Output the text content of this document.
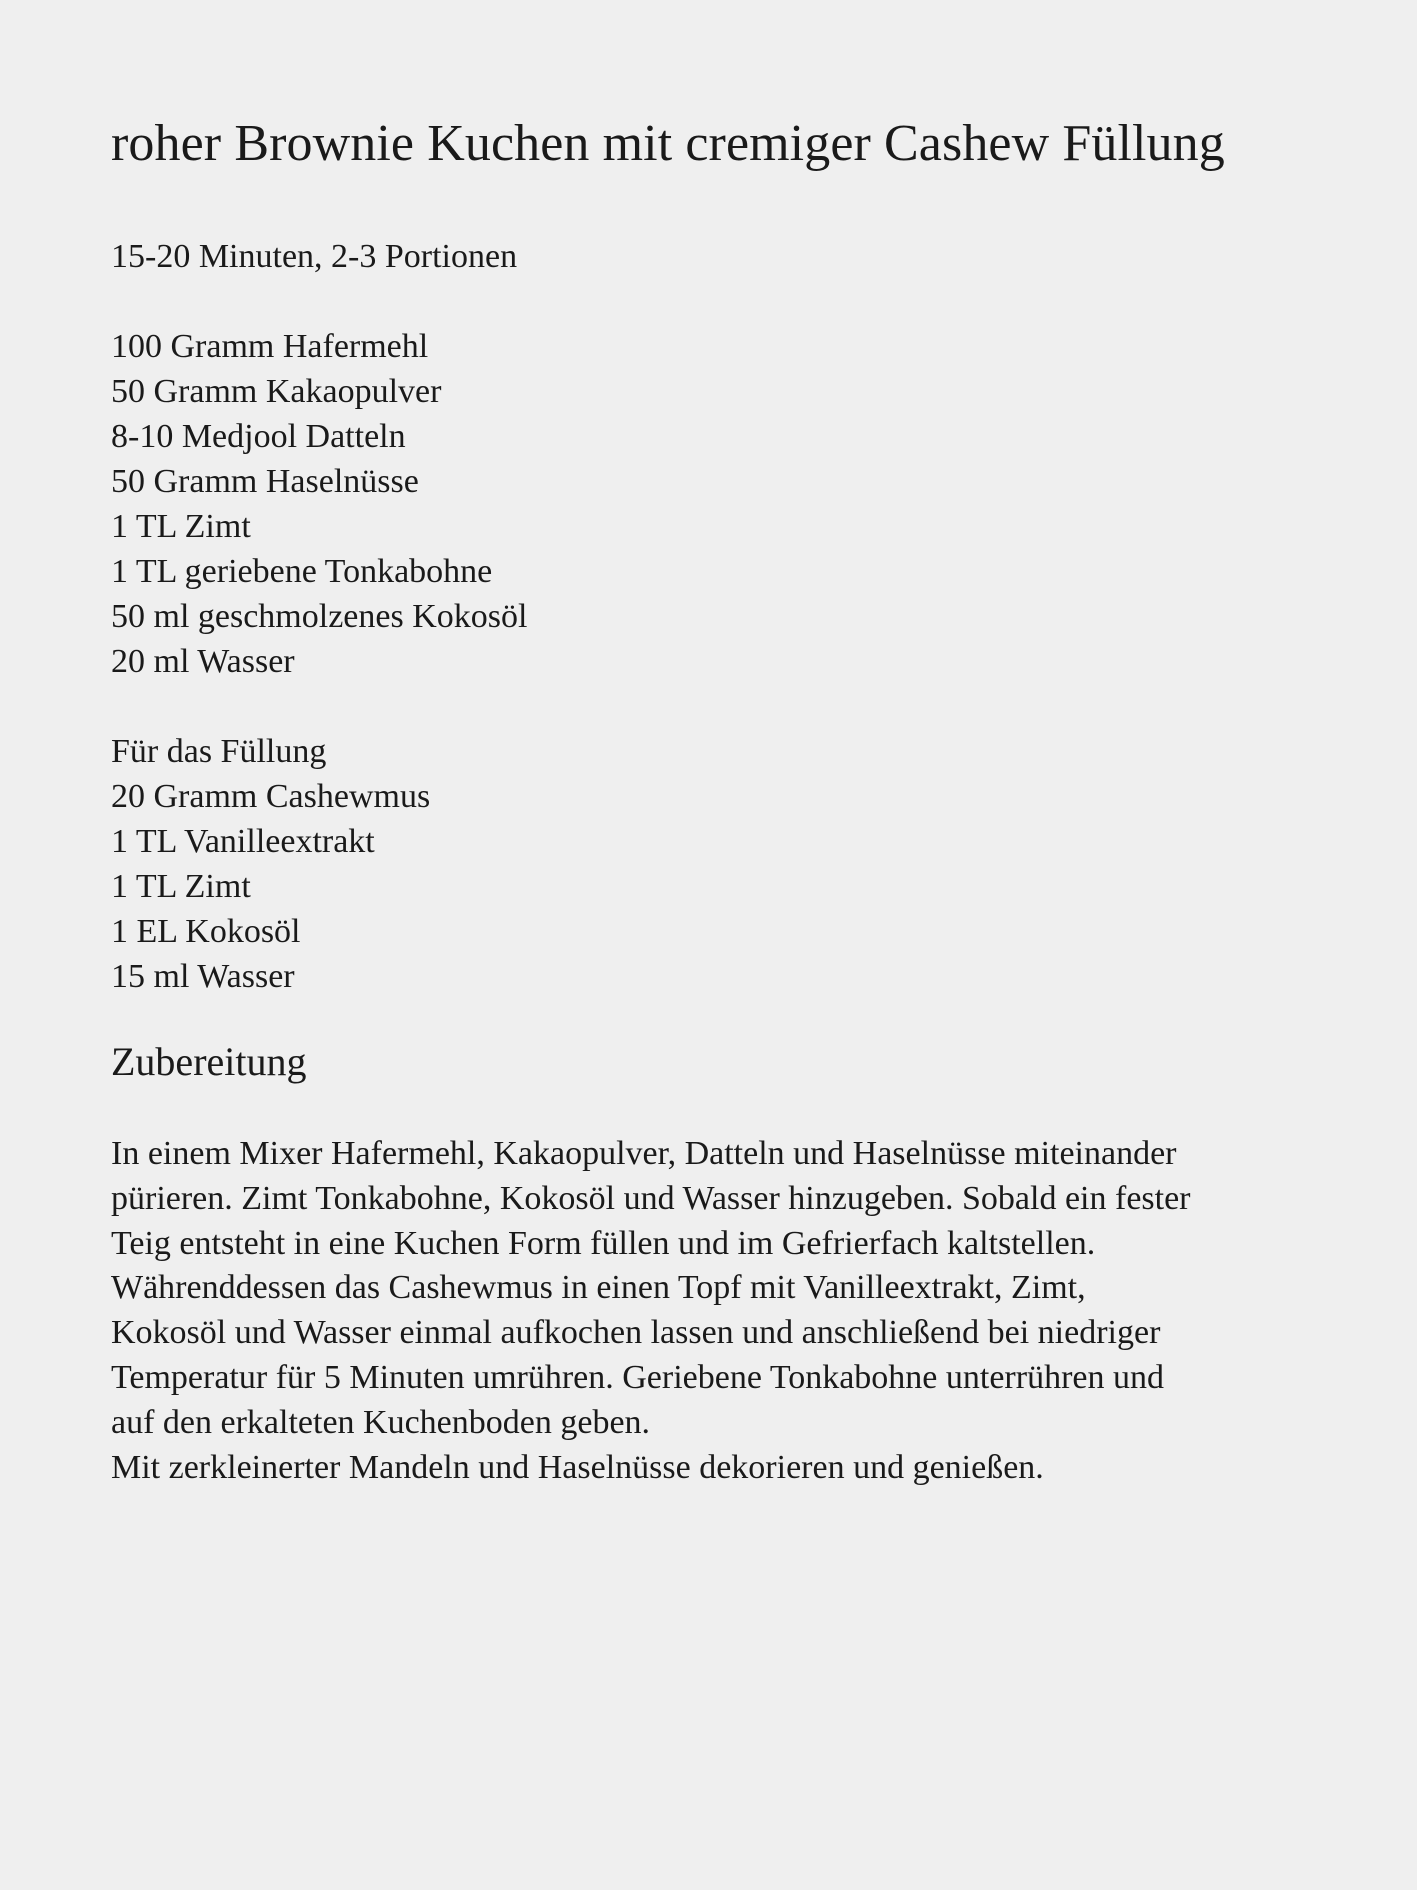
roher Brownie Kuchen mit cremiger Cashew Füllung
15-20 Minuten, 2-3 Portionen
100 Gramm Hafermehl
50 Gramm Kakaopulver
8-10 Medjool Datteln
50 Gramm Haselnüsse
1 TL Zimt
1 TL geriebene Tonkabohne
50 ml geschmolzenes Kokosöl
20 ml Wasser
Für das Füllung
20 Gramm Cashewmus
1 TL Vanilleextrakt
1 TL Zimt
1 EL Kokosöl
15 ml Wasser
Zubereitung

In einem Mixer Hafermehl, Kakaopulver, Datteln und Haselnüsse miteinander

pürieren. Zimt Tonkabohne, Kokosöl und Wasser hinzugeben. Sobald ein fester

Teig entsteht in eine Kuchen Form füllen und im Gefrierfach kaltstellen.

Währenddessen das Cashewmus in einen Topf mit Vanilleextrakt, Zimt,

Kokosöl und Wasser einmal aufkochen lassen und anschließend bei niedriger

Temperatur für 5 Minuten umrühren. Geriebene Tonkabohne unterrühren und

auf den erkalteten Kuchenboden geben.

Mit zerkleinerter Mandeln und Haselnüsse dekorieren und genießen.
